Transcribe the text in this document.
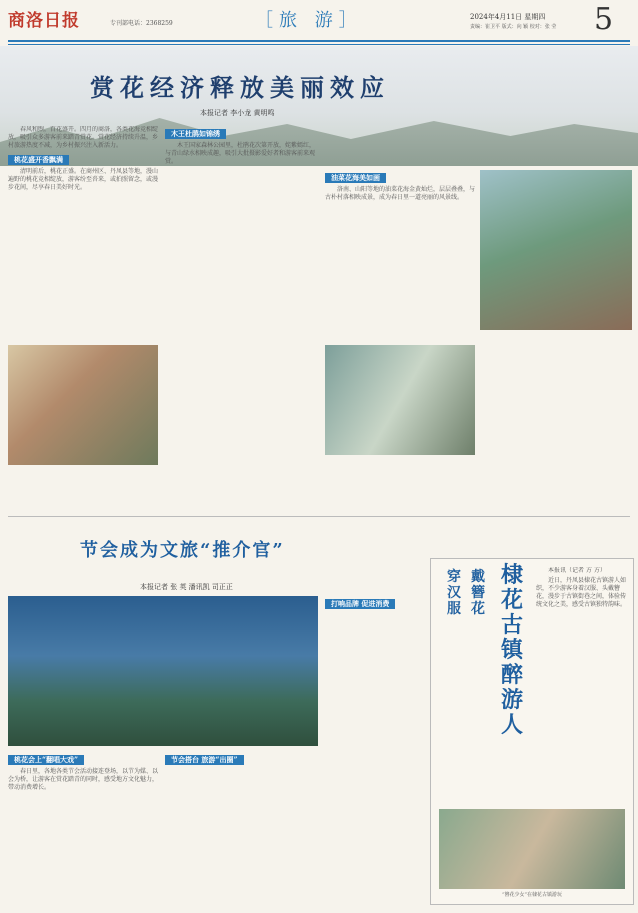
商洛日报	专刊部电话：2368259	［旅 游］	2024年4月11日 星期四
责编：崔卫平 版式：向 颖 校对：张 莹 5
赏花经济释放美丽效应
本报记者 李小龙 黄明鸣

春风和煦，百花盛开。四月的商洛，各类花海竞相绽放，吸引众多游客前来踏青赏花。赏花经济持续升温，乡村旅游热度不减，为乡村振兴注入新活力。

桃花盛开香飘满

清明前后，桃花正盛。在商州区、丹凤县等地，漫山遍野的桃花竞相绽放，游客纷至沓来，或拍照留念，或漫步花间，尽享春日美好时光。

木王杜鹃如锦绣

木王国家森林公园里，杜鹃花次第开放，姹紫嫣红，与青山绿水相映成趣，吸引大批摄影爱好者和游客前来观赏。

油菜花海美如画

洛南、山阳等地的油菜花海金黄灿烂，层层叠叠，与古朴村落相映成景，成为春日里一道亮丽的风景线。

节会成为文旅“推介官”
本报记者 张 英 潘讯凯 司正正
桃花会上“翻唱大戏”

春日里，各地各类节会活动接连登场，以节为媒、以会为桥，让游客在赏花踏青的同时，感受地方文化魅力，带动消费增长。

节会搭台 旅游“出圈”
打响品牌 促进消费
穿汉服
戴簪花
棣花古镇醉游人

本报讯（记者 方 方）

近日，丹凤县棣花古镇游人如织，不少游客身着汉服、头戴簪花，漫步于古镇街巷之间，体验传统文化之美，感受古镇独特韵味。

“簪花少女”在棣花古镇游玩
